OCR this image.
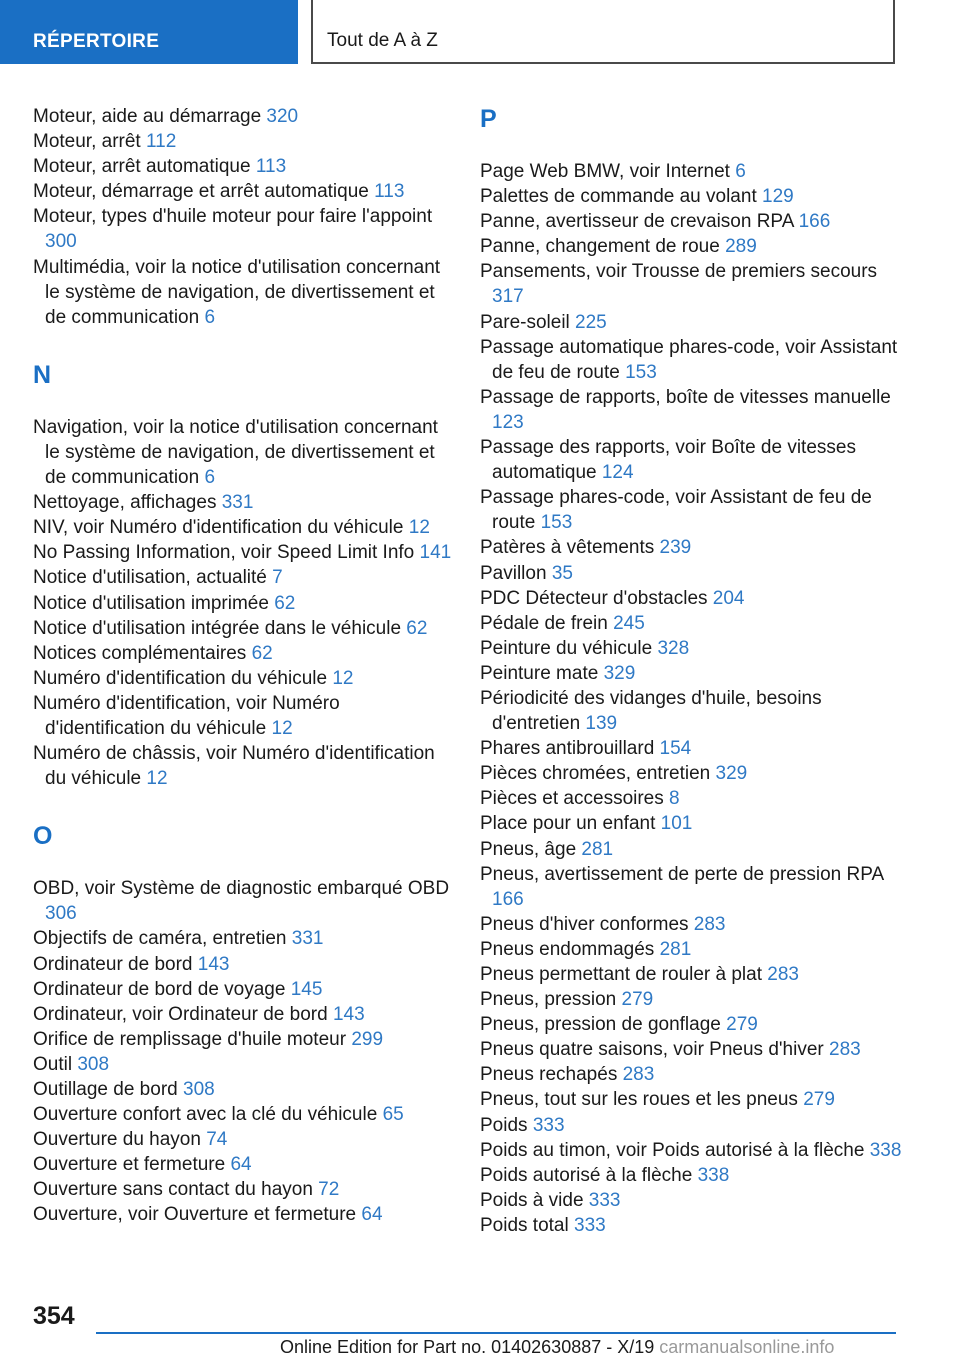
RÉPERTOIRE	Tout de A à Z
Moteur, aide au démarrage 320
Moteur, arrêt 112
Moteur, arrêt automatique 113
Moteur, démarrage et arrêt automatique 113
Moteur, types d'huile moteur pour faire l'appoint 300
Multimédia, voir la notice d'utilisation concernant le système de navigation, de divertissement et de communication 6
N
Navigation, voir la notice d'utilisation concernant le système de navigation, de divertissement et de communication 6
Nettoyage, affichages 331
NIV, voir Numéro d'identification du véhicule 12
No Passing Information, voir Speed Limit Info 141
Notice d'utilisation, actualité 7
Notice d'utilisation imprimée 62
Notice d'utilisation intégrée dans le véhicule 62
Notices complémentaires 62
Numéro d'identification du véhicule 12
Numéro d'identification, voir Numéro d'identification du véhicule 12
Numéro de châssis, voir Numéro d'identification du véhicule 12
O
OBD, voir Système de diagnostic embarqué OBD 306
Objectifs de caméra, entretien 331
Ordinateur de bord 143
Ordinateur de bord de voyage 145
Ordinateur, voir Ordinateur de bord 143
Orifice de remplissage d'huile moteur 299
Outil 308
Outillage de bord 308
Ouverture confort avec la clé du véhicule 65
Ouverture du hayon 74
Ouverture et fermeture 64
Ouverture sans contact du hayon 72
Ouverture, voir Ouverture et fermeture 64
P
Page Web BMW, voir Internet 6
Palettes de commande au volant 129
Panne, avertisseur de crevaison RPA 166
Panne, changement de roue 289
Pansements, voir Trousse de premiers secours 317
Pare-soleil 225
Passage automatique phares-code, voir Assistant de feu de route 153
Passage de rapports, boîte de vitesses manuelle 123
Passage des rapports, voir Boîte de vitesses automatique 124
Passage phares-code, voir Assistant de feu de route 153
Patères à vêtements 239
Pavillon 35
PDC Détecteur d'obstacles 204
Pédale de frein 245
Peinture du véhicule 328
Peinture mate 329
Périodicité des vidanges d'huile, besoins d'entretien 139
Phares antibrouillard 154
Pièces chromées, entretien 329
Pièces et accessoires 8
Place pour un enfant 101
Pneus, âge 281
Pneus, avertissement de perte de pression RPA 166
Pneus d'hiver conformes 283
Pneus endommagés 281
Pneus permettant de rouler à plat 283
Pneus, pression 279
Pneus, pression de gonflage 279
Pneus quatre saisons, voir Pneus d'hiver 283
Pneus rechapés 283
Pneus, tout sur les roues et les pneus 279
Poids 333
Poids au timon, voir Poids autorisé à la flèche 338
Poids autorisé à la flèche 338
Poids à vide 333
Poids total 333
354
Online Edition for Part no. 01402630887 - X/19 carmanualsonline.info
